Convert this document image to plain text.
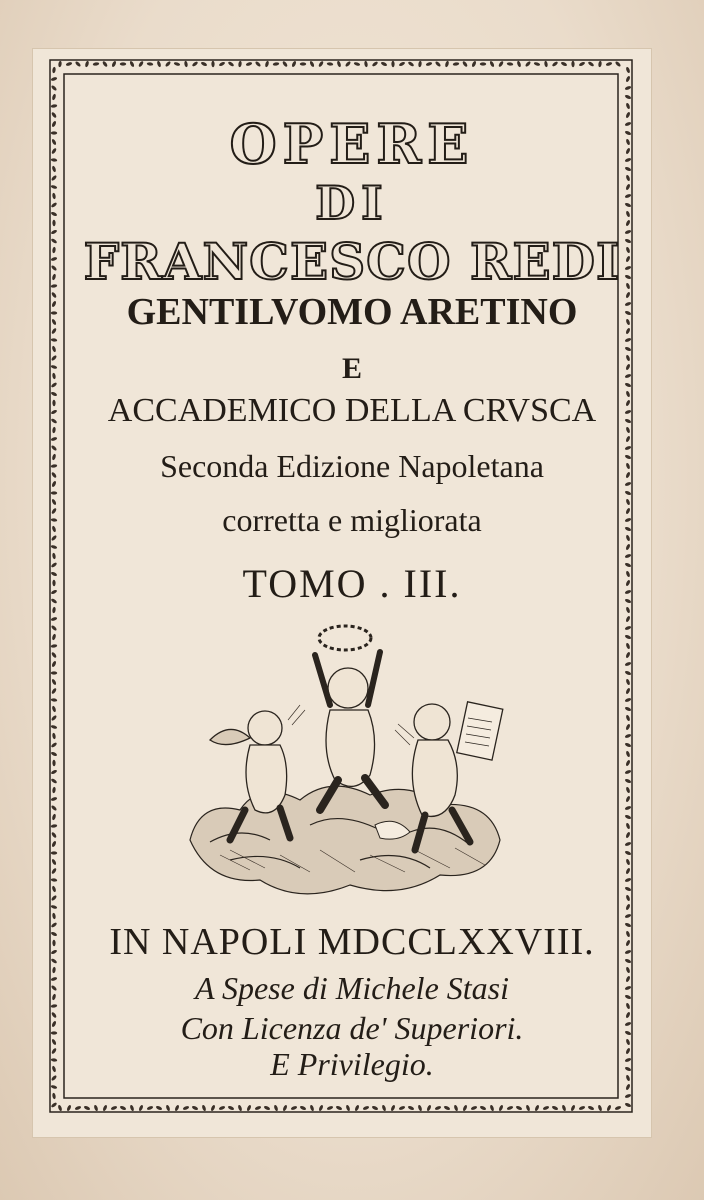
OPERE
DI
FRANCESCO REDI
GENTILVOMO ARETINO
E
ACCADEMICO DELLA CRVSCA
Seconda Edizione Napoletana
corretta e migliorata
TOMO . III.
IN NAPOLI MDCCLXXVIII.
A Spese di Michele Stasi
Con Licenza de' Superiori.
E Privilegio.
